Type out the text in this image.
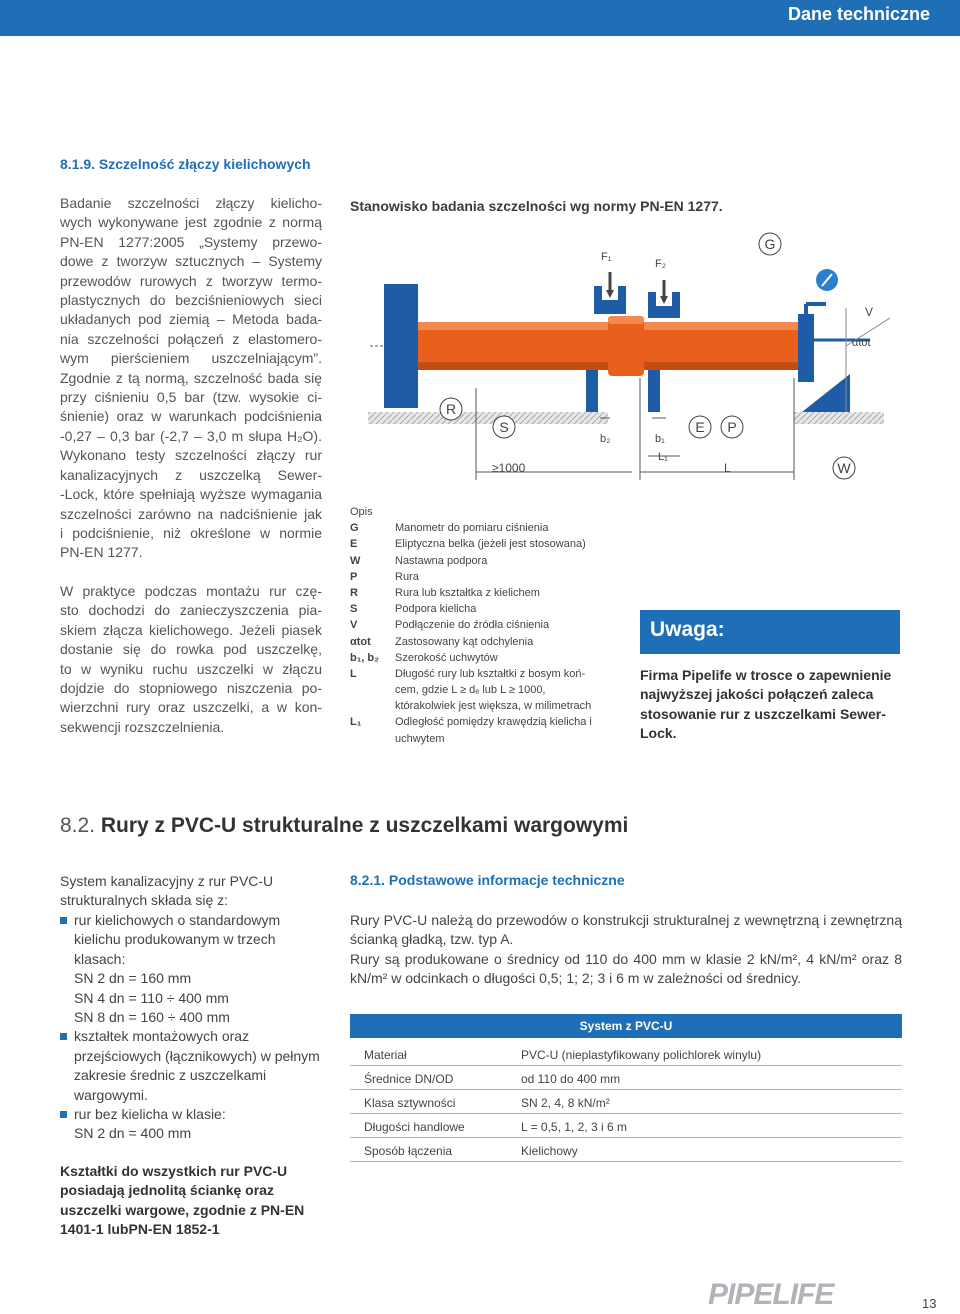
Dane techniczne
8.1.9. Szczelność złączy kielichowych
Badanie szczelności złączy kielicho-
wych wykonywane jest zgodnie z normą
PN-EN 1277:2005 „Systemy przewo-
dowe z tworzyw sztucznych – Systemy
przewodów rurowych z tworzyw termo-
plastycznych do bezciśnieniowych sieci
układanych pod ziemią – Metoda bada-
nia szczelności połączeń z elastomero-
wym pierścieniem uszczelniającym”.
Zgodnie z tą normą, szczelność bada się
przy ciśnieniu 0,5 bar (tzw. wysokie ci-
śnienie) oraz w warunkach podciśnienia
-0,27 – 0,3 bar (-2,7 – 3,0 m słupa H₂O).
Wykonano testy szczelności złączy rur
kanalizacyjnych z uszczelką Sewer-
-Lock, które spełniają wyższe wymagania
szczelności zarówno na nadciśnienie jak
i podciśnienie, niż określone w normie
PN-EN 1277.
W praktyce podczas montażu rur czę-
sto dochodzi do zanieczyszczenia pia-
skiem złącza kielichowego. Jeżeli piasek
dostanie się do rowka pod uszczelkę,
to w wyniku ruchu uszczelki w złączu
dojdzie do stopniowego niszczenia po-
wierzchni rury oraz uszczelki, a w kon-
sekwencji rozszczelnienia.
Stanowisko badania szczelności wg normy PN-EN 1277.
F₁
F₂
G
V
αtot
R
S
b₂	b₁
E P
L₁
≥1000	L	W
Opis
G	Manometr do pomiaru ciśnienia
E	Eliptyczna belka (jeżeli jest stosowana)
W	Nastawna podpora
P	Rura
R	Rura lub kształtka z kielichem
S	Podpora kielicha
V	Podłączenie do źródła ciśnienia
αtot	Zastosowany kąt odchylenia
b₁, b₂	Szerokość uchwytów
L	Długość rury lub kształtki z bosym koń-cem, gdzie L ≥ dₑ lub L ≥ 1000, którakolwiek jest większa, w milimetrach
L₁	Odległość pomiędzy krawędzią kielicha i uchwytem
Uwaga:
Firma Pipelife w trosce o zapewnienie najwyższej jakości połączeń zaleca stosowanie rur z uszczelkami Sewer-Lock.
8.2. Rury z PVC-U strukturalne z uszczelkami wargowymi
System kanalizacyjny z rur PVC-U strukturalnych składa się z:
rur kielichowych o standardowym kielichu produkowanym w trzech klasach:
SN 2 dn = 160 mm
SN 4 dn = 110 ÷ 400 mm
SN 8 dn = 160 ÷ 400 mm
kształtek montażowych oraz przejściowych (łącznikowych) w pełnym zakresie średnic z uszczelkami wargowymi.
rur bez kielicha w klasie:
SN 2 dn = 400 mm
Kształtki do wszystkich rur PVC-U posiadają jednolitą ściankę oraz uszczelki wargowe, zgodnie z PN-EN 1401-1 lubPN-EN 1852-1
8.2.1. Podstawowe informacje techniczne
Rury PVC-U należą do przewodów o konstrukcji strukturalnej z wewnętrzną i zewnętrzną ścianką gładką, tzw. typ A.
Rury są produkowane o średnicy od 110 do 400 mm w klasie 2 kN/m², 4 kN/m² oraz 8 kN/m² w odcinkach o długości 0,5; 1; 2; 3 i 6 m w zależności od średnicy.
System z PVC-U
Materiał	PVC-U (nieplastyfikowany polichlorek winylu)
Średnice DN/OD	od 110 do 400 mm
Klasa sztywności	SN 2, 4, 8 kN/m²
Długości handlowe	L = 0,5, 1, 2, 3 i 6 m
Sposób łączenia	Kielichowy
PIPELIFE	13
